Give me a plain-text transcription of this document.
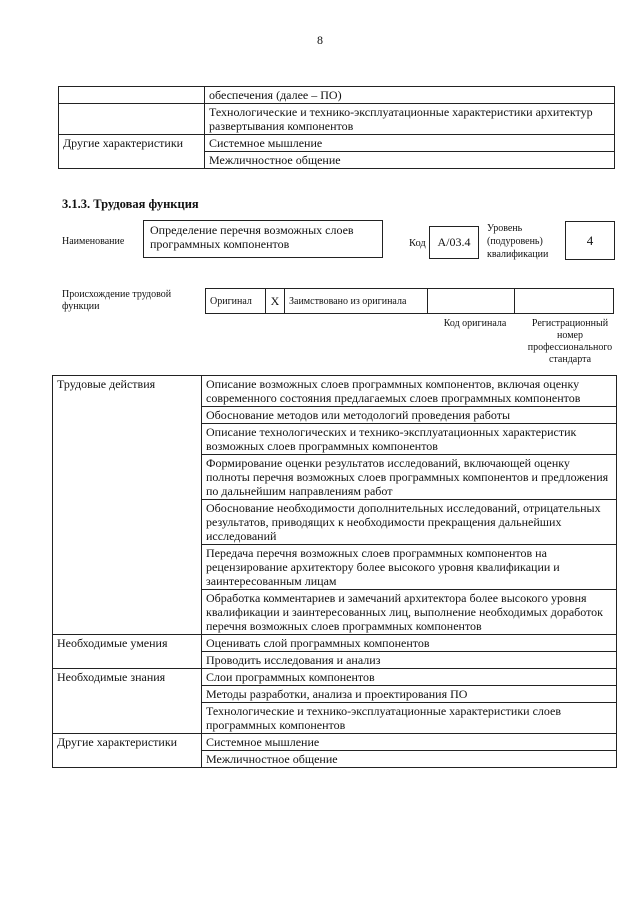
8
	обеспечения (далее – ПО)
	Технологические и технико-эксплуатационные характеристики архитектур развертывания компонентов
Другие характеристики	Системное мышление
	Межличностное общение
3.1.3. Трудовая функция
Наименование
Определение перечня возможных слоев программных компонентов	Код А/03.4
Уровень (подуровень) квалификации
4
Происхождение трудовой функции	Оригинал	X	Заимствовано из оригинала		
Код оригинала	Регистрационный номер профессионального стандарта
Трудовые действия	Описание возможных слоев программных компонентов, включая оценку современного состояния предлагаемых слоев программных компонентов
	Обоснование методов или методологий проведения работы
	Описание технологических и технико-эксплуатационных характеристик возможных слоев программных компонентов
	Формирование оценки результатов исследований, включающей оценку полноты перечня возможных слоев программных компонентов и предложения по дальнейшим направлениям работ
	Обоснование необходимости дополнительных исследований, отрицательных результатов, приводящих к необходимости прекращения дальнейших исследований
	Передача перечня возможных слоев программных компонентов на рецензирование архитектору более высокого уровня квалификации и заинтересованным лицам
	Обработка комментариев и замечаний архитектора более высокого уровня квалификации и заинтересованных лиц, выполнение необходимых доработок перечня возможных слоев программных компонентов
Необходимые умения	Оценивать слой программных компонентов
	Проводить исследования и анализ
Необходимые знания	Слои программных компонентов
	Методы разработки, анализа и проектирования ПО
	Технологические и технико-эксплуатационные характеристики слоев программных компонентов
Другие характеристики	Системное мышление
	Межличностное общение
